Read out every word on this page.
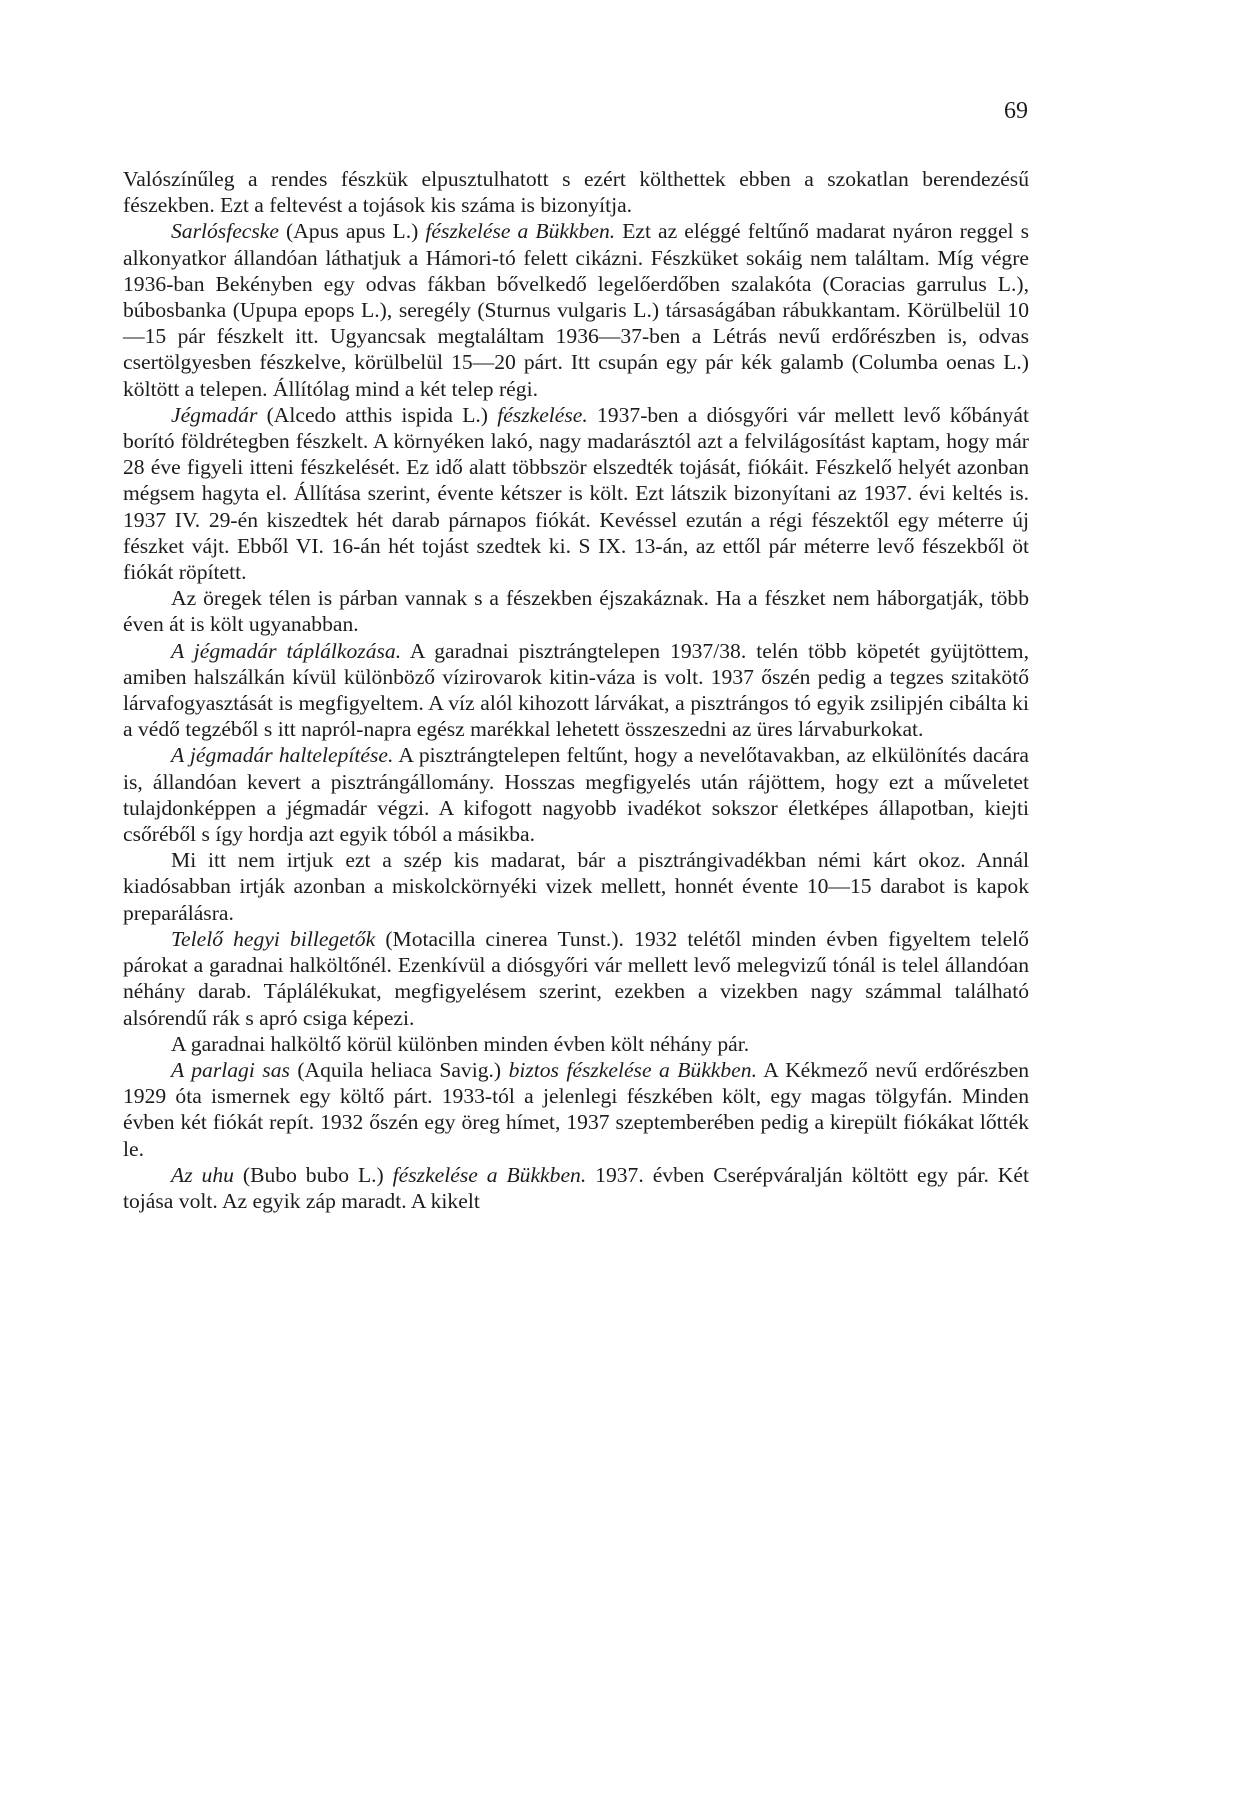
69

Valószínűleg a rendes fészkük elpusztulhatott s ezért költhettek ebben a szokatlan berendezésű fészekben. Ezt a feltevést a tojások kis száma is bizonyítja.

Sarlósfecske (Apus apus L.) fészkelése a Bükkben. Ezt az eléggé feltűnő madarat nyáron reggel s alkonyatkor állandóan láthatjuk a Hámori-tó felett cikázni. Fészküket sokáig nem találtam. Míg végre 1936-ban Bekényben egy odvas fákban bővelkedő legelőerdőben szalakóta (Coracias garrulus L.), búbosbanka (Upupa epops L.), seregély (Sturnus vulgaris L.) társaságában rábukkantam. Körülbelül 10—15 pár fészkelt itt. Ugyancsak megtaláltam 1936—37-ben a Létrás nevű erdőrészben is, odvas csertölgyesben fészkelve, körülbelül 15—20 párt. Itt csupán egy pár kék galamb (Columba oenas L.) költött a telepen. Állítólag mind a két telep régi.

Jégmadár (Alcedo atthis ispida L.) fészkelése. 1937-ben a diósgyőri vár mellett levő kőbányát borító földrétegben fészkelt. A környéken lakó, nagy madarásztól azt a felvilágosítást kaptam, hogy már 28 éve figyeli itteni fészkelését. Ez idő alatt többször elszedték tojását, fiókáit. Fészkelő helyét azonban mégsem hagyta el. Állítása szerint, évente kétszer is költ. Ezt látszik bizonyítani az 1937. évi keltés is. 1937 IV. 29-én kiszedtek hét darab párnapos fiókát. Kevéssel ezután a régi fészektől egy méterre új fészket vájt. Ebből VI. 16-án hét tojást szedtek ki. S IX. 13-án, az ettől pár méterre levő fészekből öt fiókát röpített.

Az öregek télen is párban vannak s a fészekben éjszakáznak. Ha a fészket nem háborgatják, több éven át is költ ugyanabban.

A jégmadár táplálkozása. A garadnai pisztrángtelepen 1937/38. telén több köpetét gyüjtöttem, amiben halszálkán kívül különböző vízirovarok kitin-váza is volt. 1937 őszén pedig a tegzes szitakötő lárvafogyasztását is megfigyeltem. A víz alól kihozott lárvákat, a pisztrángos tó egyik zsilipjén cibálta ki a védő tegzéből s itt napról-napra egész marékkal lehetett összeszedni az üres lárvaburkokat.

A jégmadár haltelepítése. A pisztrángtelepen feltűnt, hogy a nevelőtavakban, az elkülönítés dacára is, állandóan kevert a pisztrángállomány. Hosszas megfigyelés után rájöttem, hogy ezt a műveletet tulajdonképpen a jégmadár végzi. A kifogott nagyobb ivadékot sokszor életképes állapotban, kiejti csőréből s így hordja azt egyik tóból a másikba.

Mi itt nem irtjuk ezt a szép kis madarat, bár a pisztrángivadékban némi kárt okoz. Annál kiadósabban irtják azonban a miskolckörnyéki vizek mellett, honnét évente 10—15 darabot is kapok preparálásra.

Telelő hegyi billegetők (Motacilla cinerea Tunst.). 1932 telétől minden évben figyeltem telelő párokat a garadnai halköltőnél. Ezenkívül a diósgyőri vár mellett levő melegvizű tónál is telel állandóan néhány darab. Táplálékukat, megfigyelésem szerint, ezekben a vizekben nagy számmal található alsórendű rák s apró csiga képezi.

A garadnai halköltő körül különben minden évben költ néhány pár.

A parlagi sas (Aquila heliaca Savig.) biztos fészkelése a Bükkben. A Kékmező nevű erdőrészben 1929 óta ismernek egy költő párt. 1933-tól a jelenlegi fészkében költ, egy magas tölgyfán. Minden évben két fiókát repít. 1932 őszén egy öreg hímet, 1937 szeptemberében pedig a kirepült fiókákat lőtték le.

Az uhu (Bubo bubo L.) fészkelése a Bükkben. 1937. évben Cserépváralján költött egy pár. Két tojása volt. Az egyik záp maradt. A kikelt
